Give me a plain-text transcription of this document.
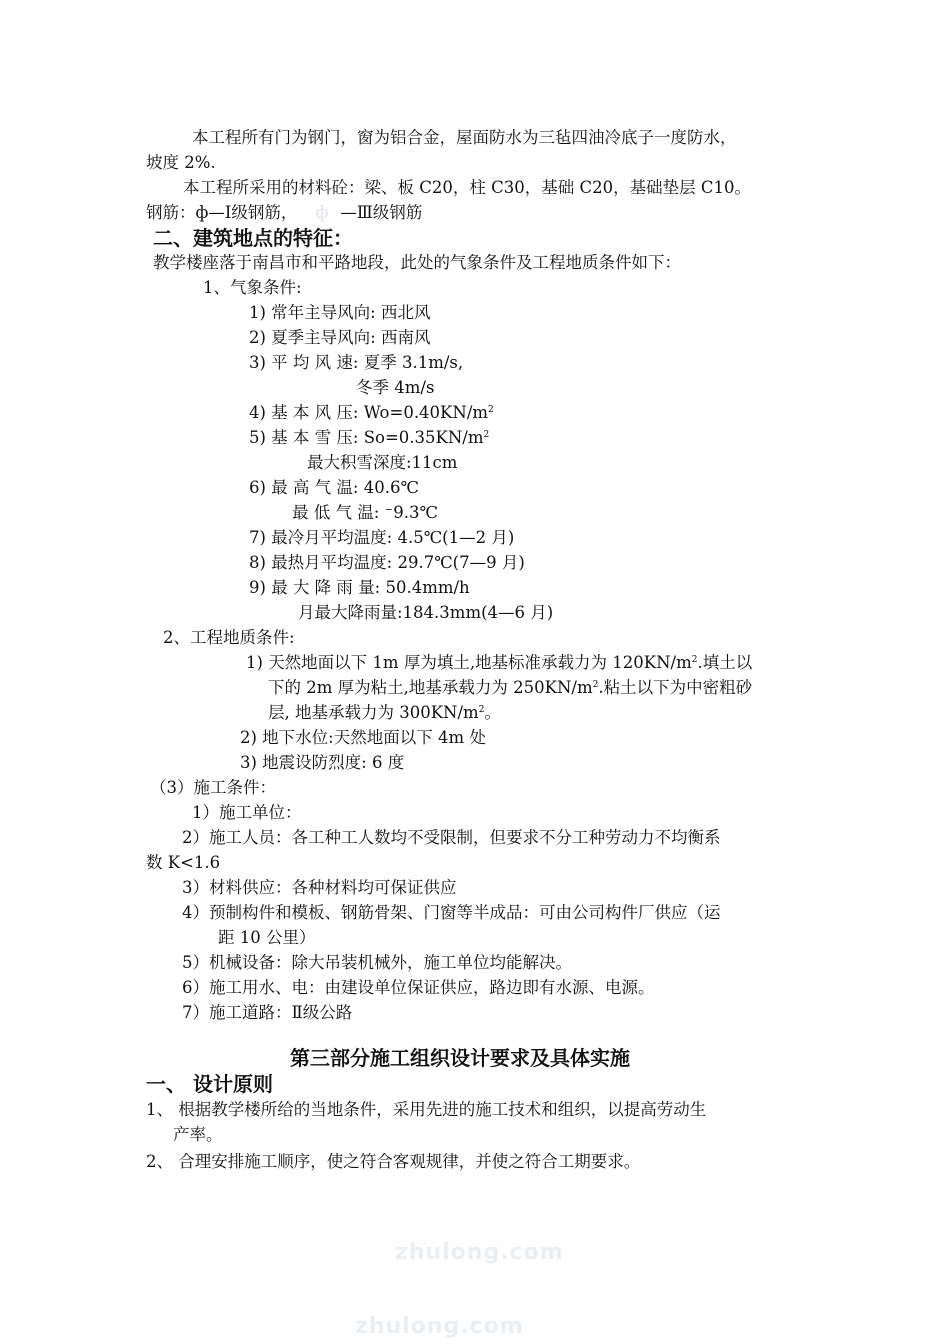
本工程所有门为钢门，窗为铝合金，屋面防水为三毡四油冷底子一度防水，
坡度 2%.
本工程所采用的材料砼：梁、板 C20，柱 C30，基础 C20，基础垫层 C10。
钢筋：ф—Ⅰ级钢筋， ф —Ⅲ级钢筋
二、建筑地点的特征：
教学楼座落于南昌市和平路地段，此处的气象条件及工程地质条件如下：
1、气象条件:
1) 常年主导风向: 西北风
2) 夏季主导风向: 西南风
3) 平 均 风 速: 夏季 3.1m/s,
冬季 4m/s
4) 基 本 风 压: $Wo=0.40KN/m^2$
5) 基 本 雪 压: $So=0.35KN/m^2$
最大积雪深度:11cm
6) 最 高 气 温: 40.6℃
最 低 气 温: ⁻9.3℃
7) 最冷月平均温度: 4.5℃(1—2 月)
8) 最热月平均温度: 29.7℃(7—9 月)
9) 最 大 降 雨 量: 50.4mm/h
月最大降雨量:184.3mm(4—6 月)
2、工程地质条件:
1) 天然地面以下 1m 厚为填土,地基标准承载力为 $120KN/m^2$.填土以
下的 2m 厚为粘土,地基承载力为 $250KN/m^2$.粘土以下为中密粗砂
层, 地基承载力为 $300KN/m^2$。
2) 地下水位:天然地面以下 4m 处
3) 地震设防烈度: 6 度
（3）施工条件：
1）施工单位：
2）施工人员：各工种工人数均不受限制，但要求不分工种劳动力不均衡系
数 K<1.6
3）材料供应：各种材料均可保证供应
4）预制构件和模板、钢筋骨架、门窗等半成品：可由公司构件厂供应（运
距 10 公里）
5）机械设备：除大吊装机械外，施工单位均能解决。
6）施工用水、电：由建设单位保证供应，路边即有水源、电源。
7）施工道路：Ⅱ级公路
第三部分施工组织设计要求及具体实施
一、 设计原则
1、 根据教学楼所给的当地条件，采用先进的施工技术和组织，以提高劳动生
产率。
2、 合理安排施工顺序，使之符合客观规律，并使之符合工期要求。
zhulong.com
zhulong.com
